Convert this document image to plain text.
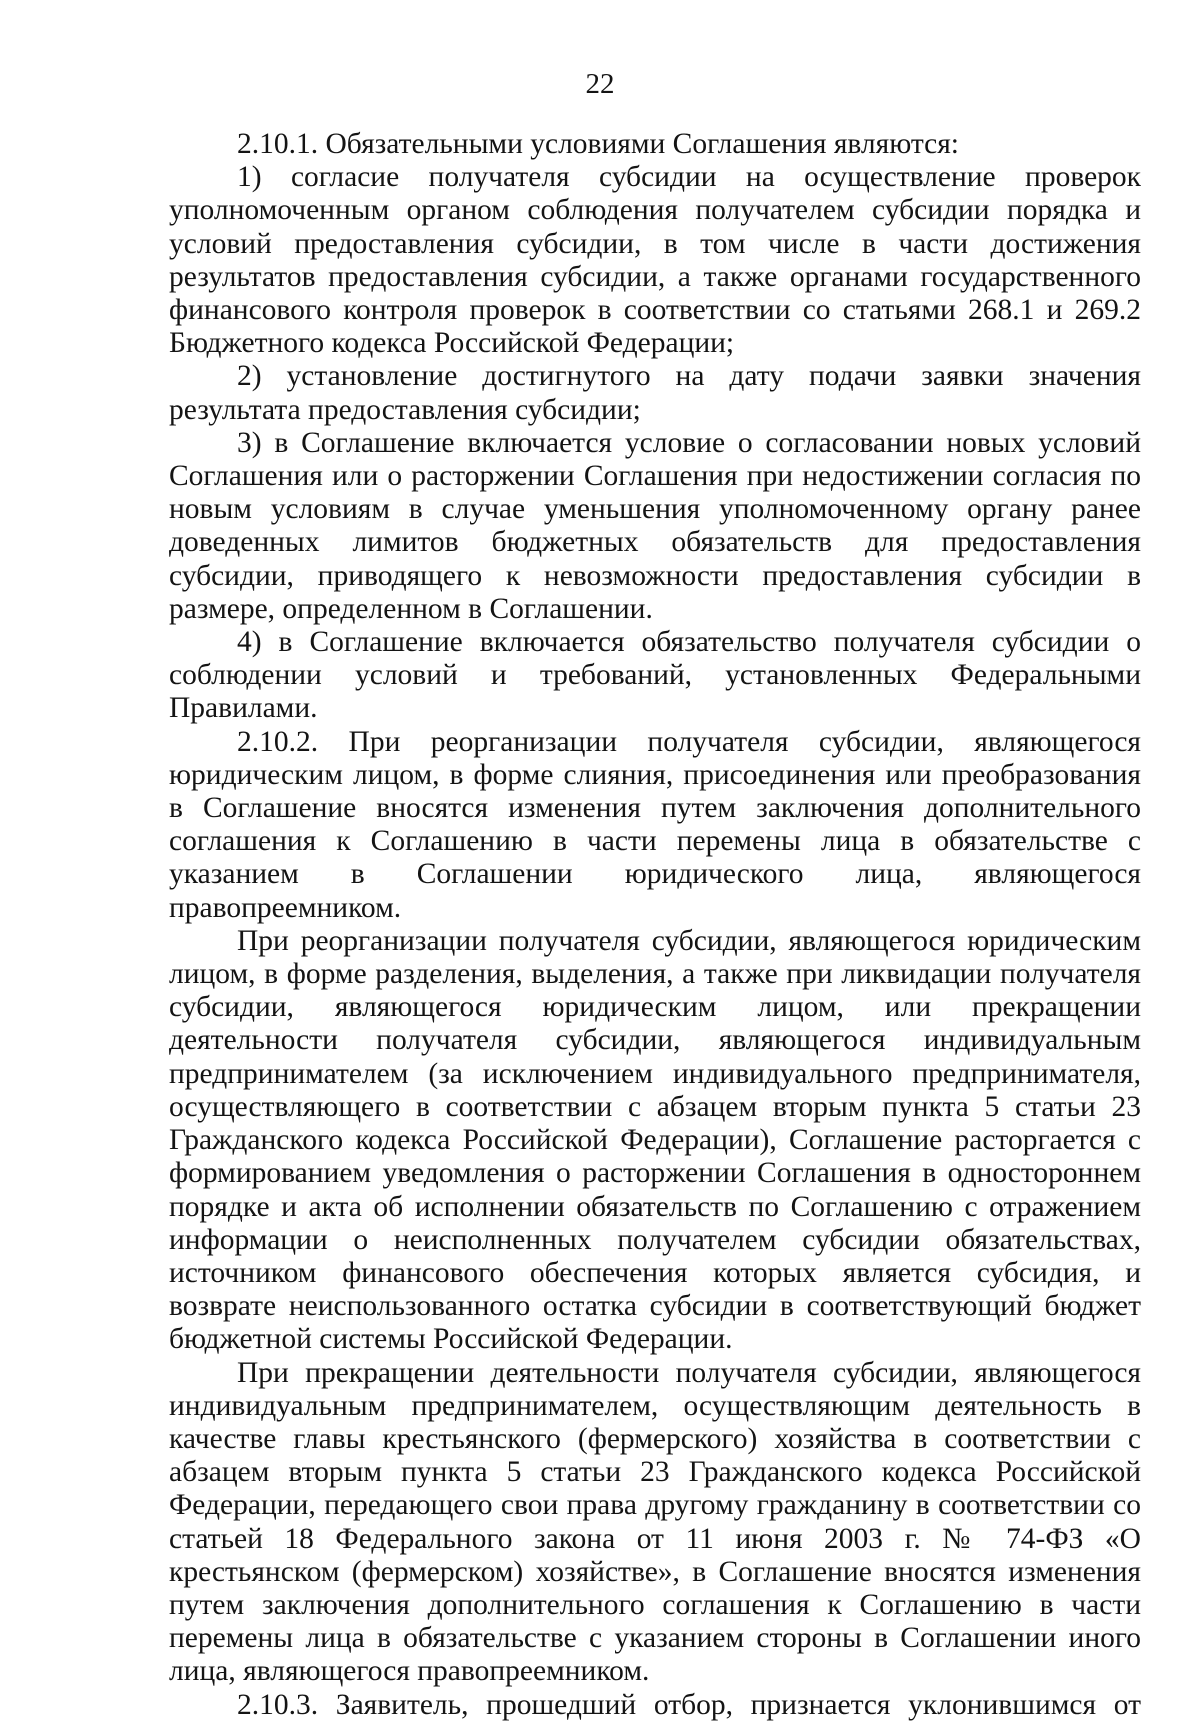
22

2.10.1. Обязательными условиями Соглашения являются:

1) согласие получателя субсидии на осуществление проверок уполномоченным органом соблюдения получателем субсидии порядка и условий предоставления субсидии, в том числе в части достижения результатов предоставления субсидии, а также органами государственного финансового контроля проверок в соответствии со статьями 268.1 и 269.2 Бюджетного кодекса Российской Федерации;

2) установление достигнутого на дату подачи заявки значения результата предоставления субсидии;

3) в Соглашение включается условие о согласовании новых условий Соглашения или о расторжении Соглашения при недостижении согласия по новым условиям в случае уменьшения уполномоченному органу ранее доведенных лимитов бюджетных обязательств для предоставления субсидии, приводящего к невозможности предоставления субсидии в размере, определенном в Соглашении.

4) в Соглашение включается обязательство получателя субсидии о соблюдении условий и требований, установленных Федеральными Правилами.

2.10.2. При реорганизации получателя субсидии, являющегося юридическим лицом, в форме слияния, присоединения или преобразования в Соглашение вносятся изменения путем заключения дополнительного соглашения к Соглашению в части перемены лица в обязательстве с указанием в Соглашении юридического лица, являющегося правопреемником.

При реорганизации получателя субсидии, являющегося юридическим лицом, в форме разделения, выделения, а также при ликвидации получателя субсидии, являющегося юридическим лицом, или прекращении деятельности получателя субсидии, являющегося индивидуальным предпринимателем (за исключением индивидуального предпринимателя, осуществляющего в соответствии с абзацем вторым пункта 5 статьи 23 Гражданского кодекса Российской Федерации), Соглашение расторгается с формированием уведомления о расторжении Соглашения в одностороннем порядке и акта об исполнении обязательств по Соглашению с отражением информации о неисполненных получателем субсидии обязательствах, источником финансового обеспечения которых является субсидия, и возврате неиспользованного остатка субсидии в соответствующий бюджет бюджетной системы Российской Федерации.

При прекращении деятельности получателя субсидии, являющегося индивидуальным предпринимателем, осуществляющим деятельность в качестве главы крестьянского (фермерского) хозяйства в соответствии с абзацем вторым пункта 5 статьи 23 Гражданского кодекса Российской Федерации, передающего свои права другому гражданину в соответствии со статьей 18 Федерального закона от 11 июня 2003 г. № 74-ФЗ «О крестьянском (фермерском) хозяйстве», в Соглашение вносятся изменения путем заключения дополнительного соглашения к Соглашению в части перемены лица в обязательстве с указанием стороны в Соглашении иного лица, являющегося правопреемником.

2.10.3. Заявитель, прошедший отбор, признается уклонившимся от
